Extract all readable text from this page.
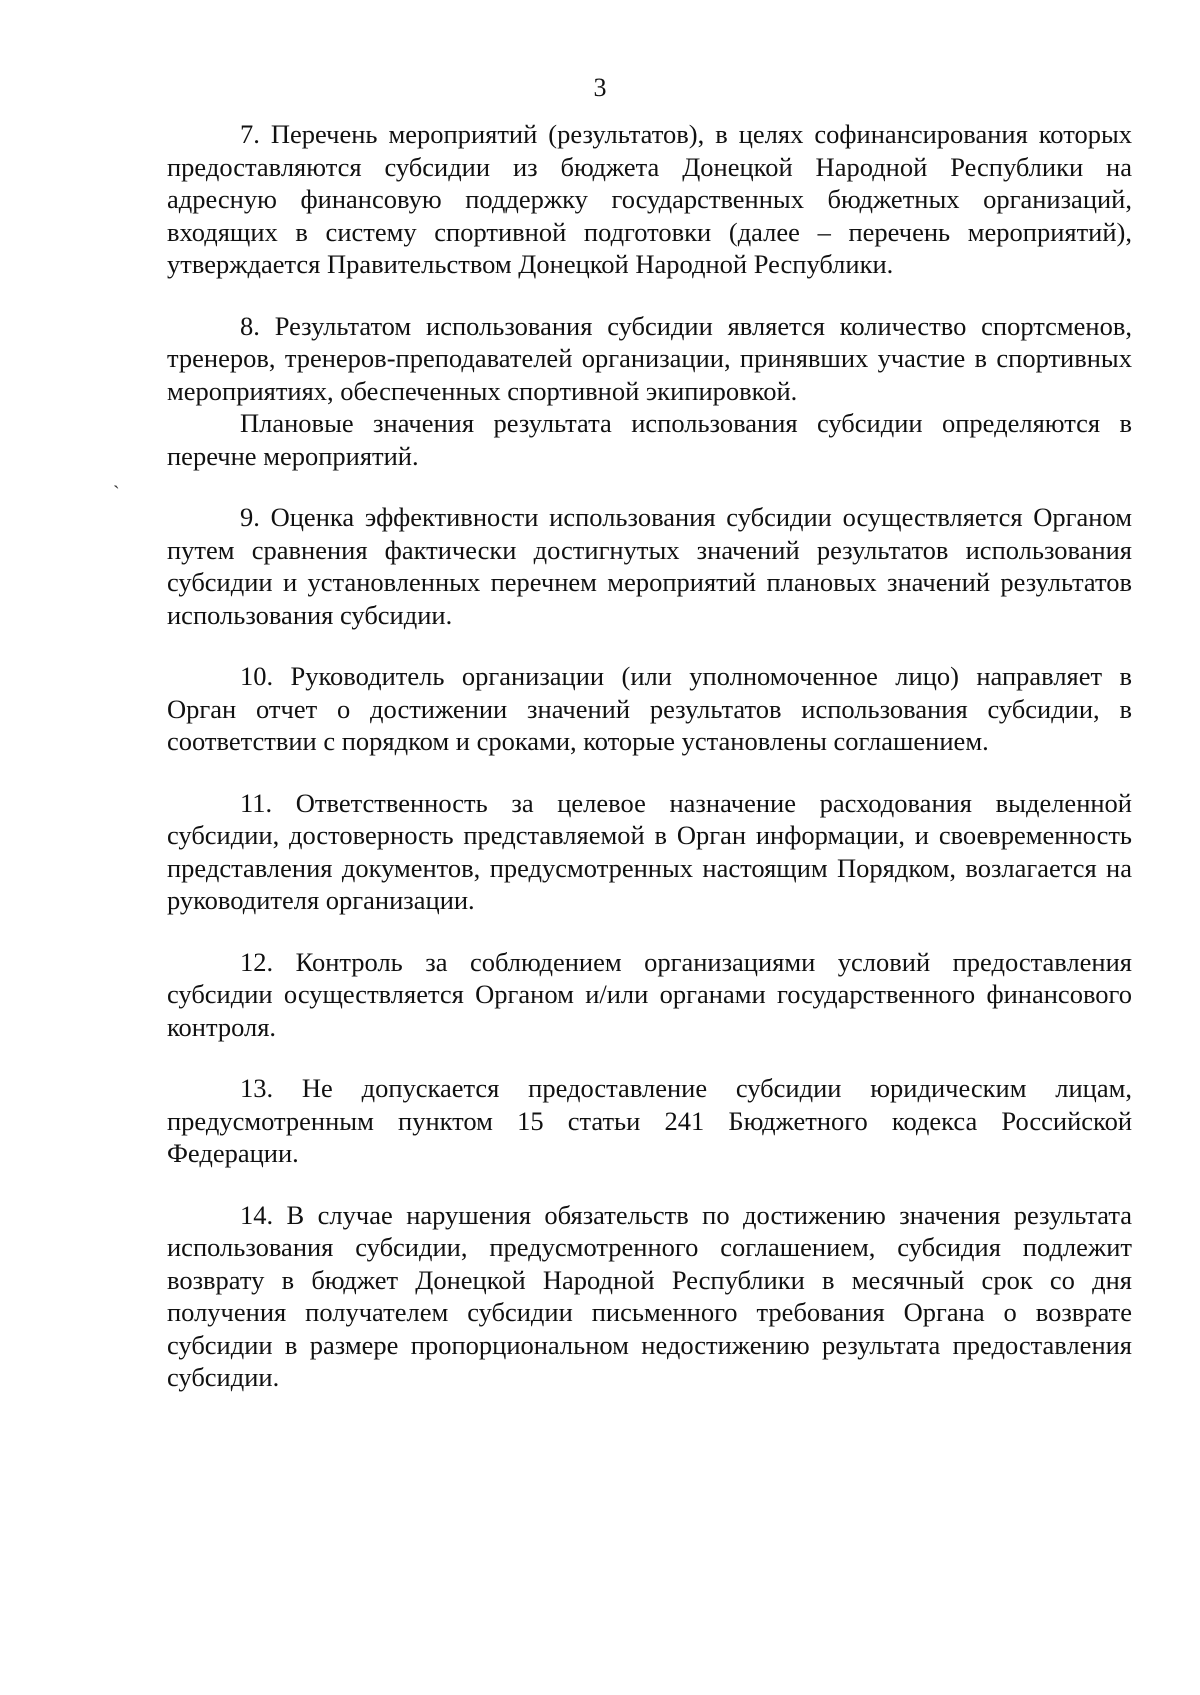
3
ˎ

7. Перечень мероприятий (результатов), в целях софинансирования которых предоставляются субсидии из бюджета Донецкой Народной Республики на адресную финансовую поддержку государственных бюджетных организаций, входящих в систему спортивной подготовки (далее – перечень мероприятий), утверждается Правительством Донецкой Народной Республики.

8. Результатом использования субсидии является количество спортсменов, тренеров, тренеров-преподавателей организации, принявших участие в спортивных мероприятиях, обеспеченных спортивной экипировкой.

Плановые значения результата использования субсидии определяются в перечне мероприятий.

9. Оценка эффективности использования субсидии осуществляется Органом путем сравнения фактически достигнутых значений результатов использования субсидии и установленных перечнем мероприятий плановых значений результатов использования субсидии.

10. Руководитель организации (или уполномоченное лицо) направляет в Орган отчет о достижении значений результатов использования субсидии, в соответствии с порядком и сроками, которые установлены соглашением.

11. Ответственность за целевое назначение расходования выделенной субсидии, достоверность представляемой в Орган информации, и своевременность представления документов, предусмотренных настоящим Порядком, возлагается на руководителя организации.

12. Контроль за соблюдением организациями условий предоставления субсидии осуществляется Органом и/или органами государственного финансового контроля.

13. Не допускается предоставление субсидии юридическим лицам, предусмотренным пунктом 15 статьи 241 Бюджетного кодекса Российской Федерации.

14. В случае нарушения обязательств по достижению значения результата использования субсидии, предусмотренного соглашением, субсидия подлежит возврату в бюджет Донецкой Народной Республики в месячный срок со дня получения получателем субсидии письменного требования Органа о возврате субсидии в размере пропорциональном недостижению результата предоставления субсидии.
